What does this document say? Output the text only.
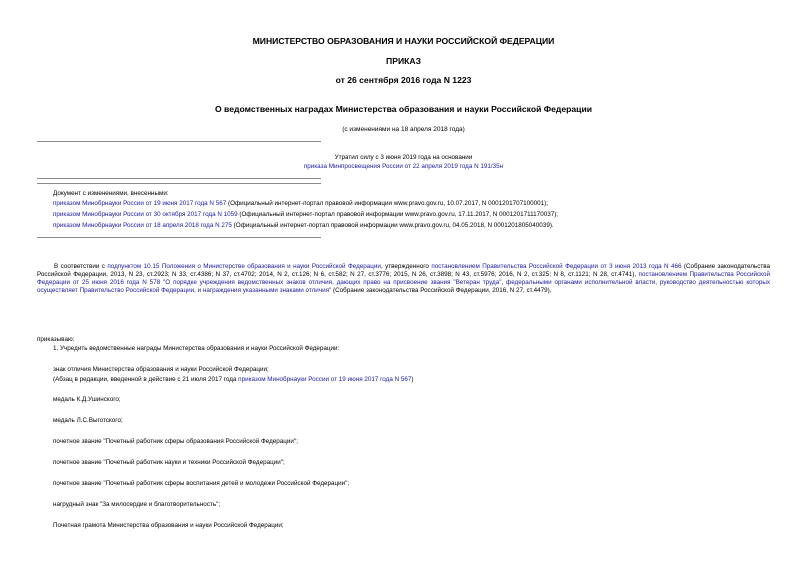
МИНИСТЕРСТВО ОБРАЗОВАНИЯ И НАУКИ РОССИЙСКОЙ ФЕДЕРАЦИИ
ПРИКАЗ
от 26 сентября 2016 года N 1223
О ведомственных наградах Министерства образования и науки Российской Федерации
(с изменениями на 18 апреля 2018 года)
Утратил силу с 3 июня 2019 года на основании
приказа Минпросвещения России от 22 апреля 2019 года N 191/35н
Документ с изменениями, внесенными:
приказом Минобрнауки России от 19 июня 2017 года N 567 (Официальный интернет-портал правовой информации www.pravo.gov.ru, 10.07.2017, N 0001201707100001);
приказом Минобрнауки России от 30 октября 2017 года N 1059 (Официальный интернет-портал правовой информации www.pravo.gov.ru, 17.11.2017, N 0001201711170037);
приказом Минобрнауки России от 18 апреля 2018 года N 275 (Официальный интернет-портал правовой информации www.pravo.gov.ru, 04.05.2018, N 0001201805040039).
В соответствии с подпунктом 10.15 Положения о Министерстве образования и науки Российской Федерации, утвержденного постановлением Правительства Российской Федерации от 3 июня 2013 года N 466 (Собрание законодательства Российской Федерации, 2013, N 23, ст.2923; N 33, ст.4386; N 37, ст.4702; 2014, N 2, ст.126; N 6, ст.582; N 27, ст.3776; 2015, N 26, ст.3898; N 43, ст.5976; 2016, N 2, ст.325; N 8, ст.1121; N 28, ст.4741), постановлением Правительства Российской Федерации от 25 июня 2016 года N 578 "О порядке учреждения ведомственных знаков отличия, дающих право на присвоение звания "Ветеран труда", федеральными органами исполнительной власти, руководство деятельностью которых осуществляет Правительство Российской Федерации, и награждения указанными знаками отличия" (Собрание законодательства Российской Федерации, 2016, N 27, ст.4479),
приказываю:
1. Учредить ведомственные награды Министерства образования и науки Российской Федерации:
знак отличия Министерства образования и науки Российской Федерации;
(Абзац в редакции, введенной в действие с 21 июля 2017 года приказом Минобрнауки России от 19 июня 2017 года N 567)
медаль К.Д.Ушинского;
медаль Л.С.Выготского;
почетное звание "Почетный работник сферы образования Российской Федерации";
почетное звание "Почетный работник науки и техники Российской Федерации";
почетное звание "Почетный работник сферы воспитания детей и молодежи Российской Федерации";
нагрудный знак "За милосердие и благотворительность";
Почетная грамота Министерства образования и науки Российской Федерации;
